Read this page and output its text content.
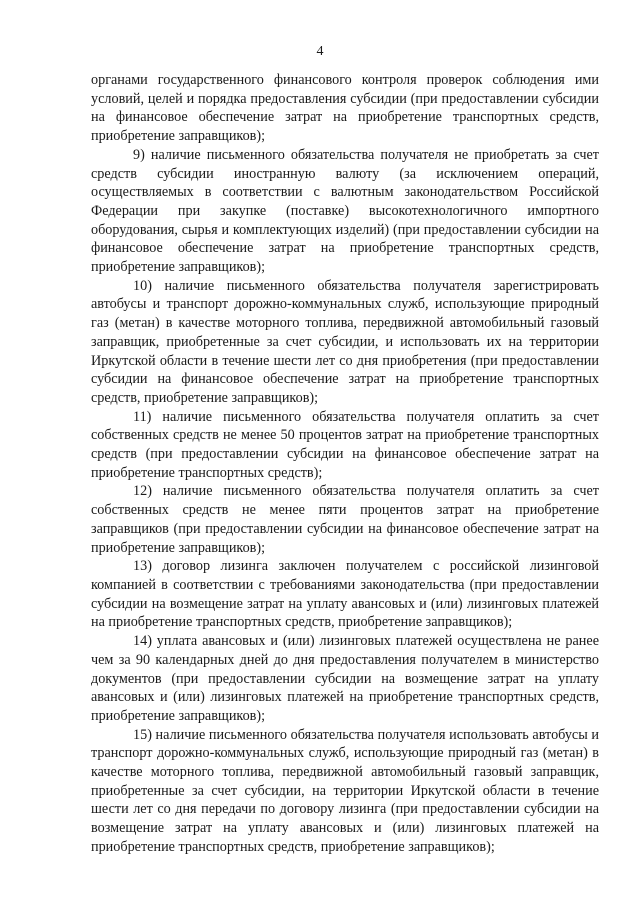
4

органами государственного финансового контроля проверок соблюдения ими условий, целей и порядка предоставления субсидии (при предоставлении субсидии на финансовое обеспечение затрат на приобретение транспортных средств, приобретение заправщиков);

9) наличие письменного обязательства получателя не приобретать за счет средств субсидии иностранную валюту (за исключением операций, осуществляемых в соответствии с валютным законодательством Российской Федерации при закупке (поставке) высокотехнологичного импортного оборудования, сырья и комплектующих изделий) (при предоставлении субсидии на финансовое обеспечение затрат на приобретение транспортных средств, приобретение заправщиков);

10) наличие письменного обязательства получателя зарегистрировать автобусы и транспорт дорожно-коммунальных служб, использующие природный газ (метан) в качестве моторного топлива, передвижной автомобильный газовый заправщик, приобретенные за счет субсидии, и использовать их на территории Иркутской области в течение шести лет со дня приобретения (при предоставлении субсидии на финансовое обеспечение затрат на приобретение транспортных средств, приобретение заправщиков);

11) наличие письменного обязательства получателя оплатить за счет собственных средств не менее 50 процентов затрат на приобретение транспортных средств (при предоставлении субсидии на финансовое обеспечение затрат на приобретение транспортных средств);

12) наличие письменного обязательства получателя оплатить за счет собственных средств не менее пяти процентов затрат на приобретение заправщиков (при предоставлении субсидии на финансовое обеспечение затрат на приобретение заправщиков);

13) договор лизинга заключен получателем с российской лизинговой компанией в соответствии с требованиями законодательства (при предоставлении субсидии на возмещение затрат на уплату авансовых и (или) лизинговых платежей на приобретение транспортных средств, приобретение заправщиков);

14) уплата авансовых и (или) лизинговых платежей осуществлена не ранее чем за 90 календарных дней до дня предоставления получателем в министерство документов (при предоставлении субсидии на возмещение затрат на уплату авансовых и (или) лизинговых платежей на приобретение транспортных средств, приобретение заправщиков);

15) наличие письменного обязательства получателя использовать автобусы и транспорт дорожно-коммунальных служб, использующие природный газ (метан) в качестве моторного топлива, передвижной автомобильный газовый заправщик, приобретенные за счет субсидии, на территории Иркутской области в течение шести лет со дня передачи по договору лизинга (при предоставлении субсидии на возмещение затрат на уплату авансовых и (или) лизинговых платежей на приобретение транспортных средств, приобретение заправщиков);
